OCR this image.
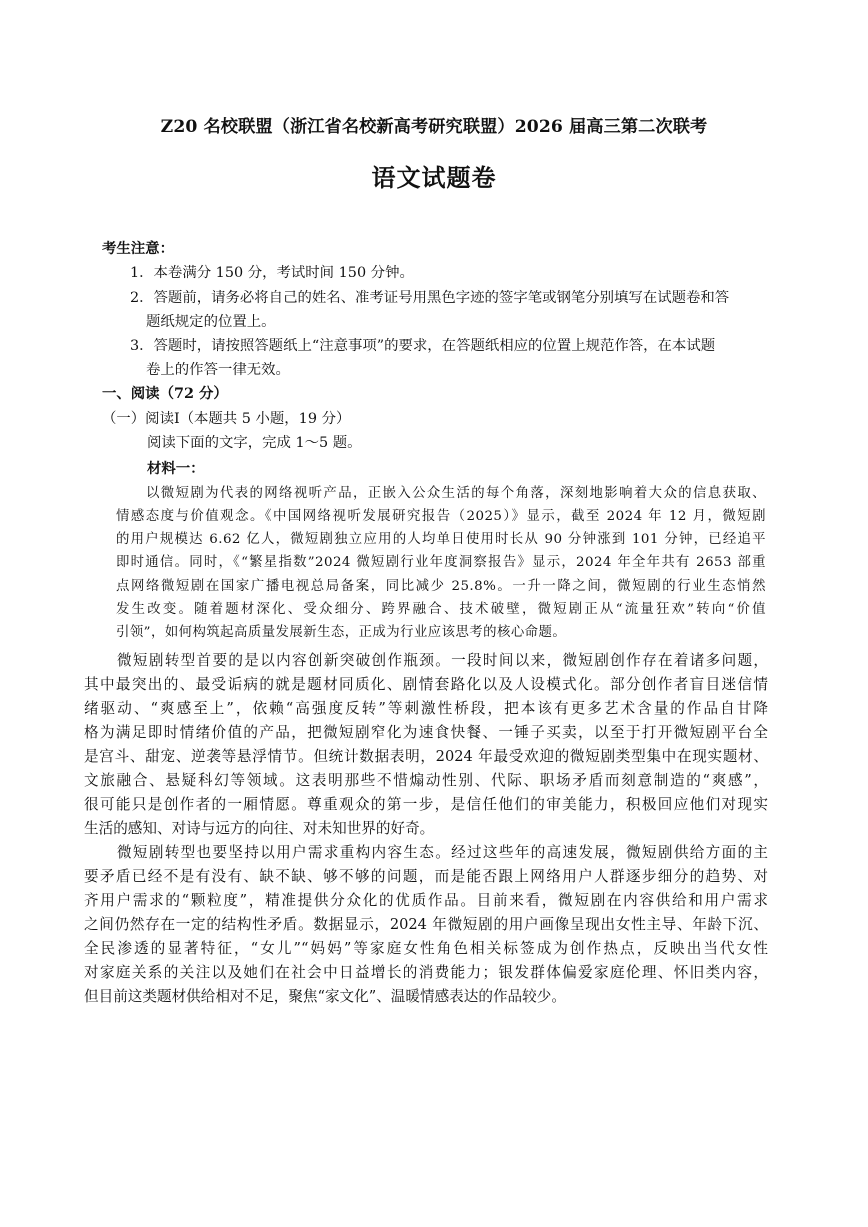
Z20 名校联盟（浙江省名校新高考研究联盟）2026 届高三第二次联考
语文试题卷
考生注意：
1．本卷满分 150 分，考试时间 150 分钟。
2．答题前，请务必将自己的姓名、准考证号用黑色字迹的签字笔或钢笔分别填写在试题卷和答
题纸规定的位置上。
3．答题时，请按照答题纸上“注意事项”的要求，在答题纸相应的位置上规范作答，在本试题
卷上的作答一律无效。
一、阅读（72 分）
（一）阅读Ⅰ（本题共 5 小题，19 分）
阅读下面的文字，完成 1～5 题。
材料一：
以微短剧为代表的网络视听产品，正嵌入公众生活的每个角落，深刻地影响着大众的信息获取、
情感态度与价值观念。《中国网络视听发展研究报告（2025）》显示，截至 2024 年 12 月，微短剧
的用户规模达 6.62 亿人，微短剧独立应用的人均单日使用时长从 90 分钟涨到 101 分钟，已经追平
即时通信。同时，《“繁星指数”2024 微短剧行业年度洞察报告》显示，2024 年全年共有 2653 部重
点网络微短剧在国家广播电视总局备案，同比减少 25.8%。一升一降之间，微短剧的行业生态悄然
发生改变。随着题材深化、受众细分、跨界融合、技术破壁，微短剧正从“流量狂欢”转向“价值
引领”，如何构筑起高质量发展新生态，正成为行业应该思考的核心命题。
微短剧转型首要的是以内容创新突破创作瓶颈。一段时间以来，微短剧创作存在着诸多问题，
其中最突出的、最受诟病的就是题材同质化、剧情套路化以及人设模式化。部分创作者盲目迷信情
绪驱动、“爽感至上”，依赖“高强度反转”等刺激性桥段，把本该有更多艺术含量的作品自甘降
格为满足即时情绪价值的产品，把微短剧窄化为速食快餐、一锤子买卖，以至于打开微短剧平台全
是宫斗、甜宠、逆袭等悬浮情节。但统计数据表明，2024 年最受欢迎的微短剧类型集中在现实题材、
文旅融合、悬疑科幻等领域。这表明那些不惜煽动性别、代际、职场矛盾而刻意制造的“爽感”，
很可能只是创作者的一厢情愿。尊重观众的第一步，是信任他们的审美能力，积极回应他们对现实
生活的感知、对诗与远方的向往、对未知世界的好奇。
微短剧转型也要坚持以用户需求重构内容生态。经过这些年的高速发展，微短剧供给方面的主
要矛盾已经不是有没有、缺不缺、够不够的问题，而是能否跟上网络用户人群逐步细分的趋势、对
齐用户需求的“颗粒度”，精准提供分众化的优质作品。目前来看，微短剧在内容供给和用户需求
之间仍然存在一定的结构性矛盾。数据显示，2024 年微短剧的用户画像呈现出女性主导、年龄下沉、
全民渗透的显著特征，“女儿”“妈妈”等家庭女性角色相关标签成为创作热点，反映出当代女性
对家庭关系的关注以及她们在社会中日益增长的消费能力；银发群体偏爱家庭伦理、怀旧类内容，
但目前这类题材供给相对不足，聚焦“家文化”、温暖情感表达的作品较少。
